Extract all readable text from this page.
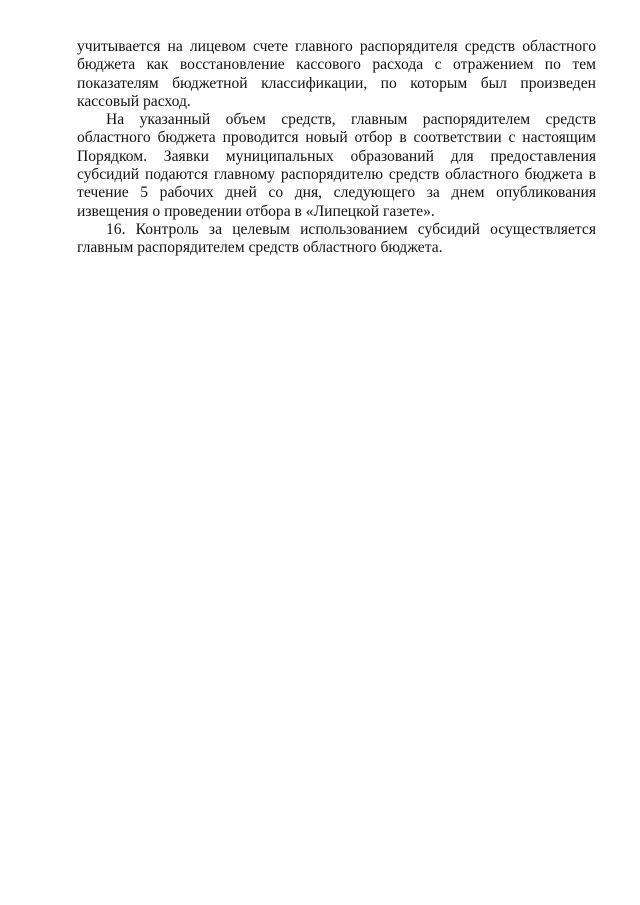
учитывается на лицевом счете главного распорядителя средств областного бюджета как восстановление кассового расхода с отражением по тем показателям бюджетной классификации, по которым был произведен кассовый расход.

На указанный объем средств, главным распорядителем средств областного бюджета проводится новый отбор в соответствии с настоящим Порядком. Заявки муниципальных образований для предоставления субсидий подаются главному распорядителю средств областного бюджета в течение 5 рабочих дней со дня, следующего за днем опубликования извещения о проведении отбора в «Липецкой газете».

16. Контроль за целевым использованием субсидий осуществляется главным распорядителем средств областного бюджета.
